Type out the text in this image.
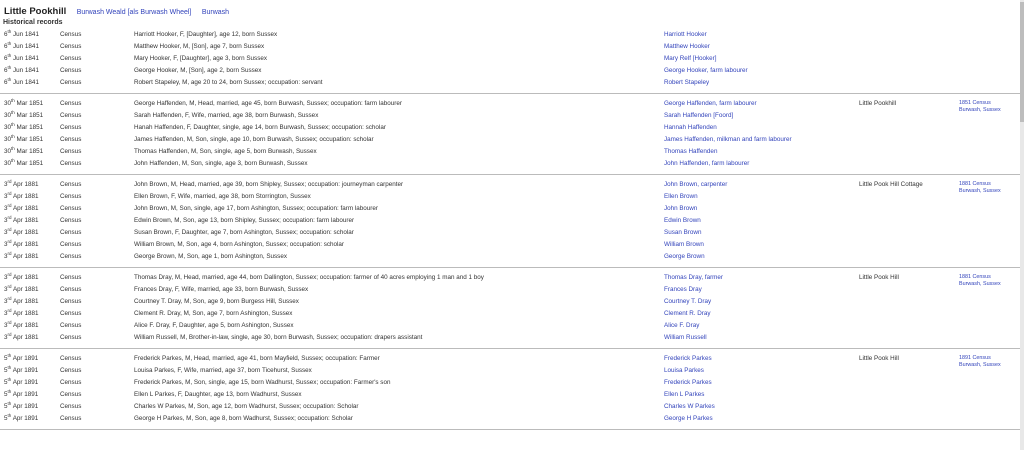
Little Pookhill Burwash Weald [als Burwash Wheel] Burwash
Historical records
6th Jun 1841	Census	Harriott Hooker, F, [Daughter], age 12, born Sussex	Harriott Hooker
6th Jun 1841	Census	Matthew Hooker, M, [Son], age 7, born Sussex	Matthew Hooker
6th Jun 1841	Census	Mary Hooker, F, [Daughter], age 3, born Sussex	Mary Relf [Hooker]
6th Jun 1841	Census	George Hooker, M, [Son], age 2, born Sussex	George Hooker, farm labourer
6th Jun 1841	Census	Robert Stapeley, M, age 20 to 24, born Sussex; occupation: servant	Robert Stapeley
30th Mar 1851	Census	George Haffenden, M, Head, married, age 45, born Burwash, Sussex; occupation: farm labourer	George Haffenden, farm labourer	Little Pookhill	1851 Census
Burwash, Sussex
30th Mar 1851	Census	Sarah Haffenden, F, Wife, married, age 38, born Burwash, Sussex	Sarah Haffenden [Foord]
30th Mar 1851	Census	Hanah Haffenden, F, Daughter, single, age 14, born Burwash, Sussex; occupation: scholar	Hannah Haffenden
30th Mar 1851	Census	James Haffenden, M, Son, single, age 10, born Burwash, Sussex; occupation: scholar	James Haffenden, milkman and farm labourer
30th Mar 1851	Census	Thomas Haffenden, M, Son, single, age 5, born Burwash, Sussex	Thomas Haffenden
30th Mar 1851	Census	John Haffenden, M, Son, single, age 3, born Burwash, Sussex	John Haffenden, farm labourer
3rd Apr 1881	Census	John Brown, M, Head, married, age 39, born Shipley, Sussex; occupation: journeyman carpenter	John Brown, carpenter	Little Pook Hill Cottage	1881 Census
Burwash, Sussex
3rd Apr 1881	Census	Ellen Brown, F, Wife, married, age 38, born Storrington, Sussex	Ellen Brown
3rd Apr 1881	Census	John Brown, M, Son, single, age 17, born Ashington, Sussex; occupation: farm labourer	John Brown
3rd Apr 1881	Census	Edwin Brown, M, Son, age 13, born Shipley, Sussex; occupation: farm labourer	Edwin Brown
3rd Apr 1881	Census	Susan Brown, F, Daughter, age 7, born Ashington, Sussex; occupation: scholar	Susan Brown
3rd Apr 1881	Census	William Brown, M, Son, age 4, born Ashington, Sussex; occupation: scholar	William Brown
3rd Apr 1881	Census	George Brown, M, Son, age 1, born Ashington, Sussex	George Brown
3rd Apr 1881	Census	Thomas Dray, M, Head, married, age 44, born Dallington, Sussex; occupation: farmer of 40 acres employing 1 man and 1 boy	Thomas Dray, farmer	Little Pook Hill	1881 Census
Burwash, Sussex
3rd Apr 1881	Census	Frances Dray, F, Wife, married, age 33, born Burwash, Sussex	Frances Dray
3rd Apr 1881	Census	Courtney T. Dray, M, Son, age 9, born Burgess Hill, Sussex	Courtney T. Dray
3rd Apr 1881	Census	Clement R. Dray, M, Son, age 7, born Ashington, Sussex	Clement R. Dray
3rd Apr 1881	Census	Alice F. Dray, F, Daughter, age 5, born Ashington, Sussex	Alice F. Dray
3rd Apr 1881	Census	William Russell, M, Brother-in-law, single, age 30, born Burwash, Sussex; occupation: drapers assistant	William Russell
5th Apr 1891	Census	Frederick Parkes, M, Head, married, age 41, born Mayfield, Sussex; occupation: Farmer	Frederick Parkes	Little Pook Hill	1891 Census
Burwash, Sussex
5th Apr 1891	Census	Louisa Parkes, F, Wife, married, age 37, born Ticehurst, Sussex	Louisa Parkes
5th Apr 1891	Census	Frederick Parkes, M, Son, single, age 15, born Wadhurst, Sussex; occupation: Farmer's son	Frederick Parkes
5th Apr 1891	Census	Ellen L Parkes, F, Daughter, age 13, born Wadhurst, Sussex	Ellen L Parkes
5th Apr 1891	Census	Charles W Parkes, M, Son, age 12, born Wadhurst, Sussex; occupation: Scholar	Charles W Parkes
5th Apr 1891	Census	George H Parkes, M, Son, age 8, born Wadhurst, Sussex; occupation: Scholar	George H Parkes
